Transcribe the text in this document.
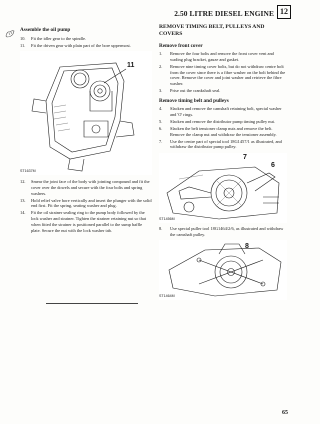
2.50 LITRE DIESEL ENGINE 12
Assemble the oil pump
10.	Fit the idler gear to the spindle.
11.	Fit the driven gear with plain part of the bore uppermost.
11
ST1637M
12.	Smear the joint face of the body with jointing compound and fit the cover over the dowels and secure with the four bolts and spring washers.
13.	Hold relief valve bore vertically and insert the plunger with the solid end first. Fit the spring, seating washer and plug.
14.	Fit the oil strainer sealing ring to the pump body followed by the lock washer and strainer. Tighten the strainer retaining nut so that when fitted the strainer is positioned parallel to the sump baffle plate. Secure the nut with the lock washer tab.
REMOVE TIMING BELT, PULLEYS AND COVERS
Remove front cover
1.	Remove the four bolts and remove the front cover vent and wading plug bracket, gauze and gasket.
2.	Remove nine timing cover bolts, but do not withdraw centre bolt from the cover since there is a fibre washer on the bolt behind the cover. Remove the cover and joint washer and retrieve the fibre washer.
3.	Prise out the crankshaft seal.
Remove timing belt and pulleys
4.	Slacken and remove the camshaft retaining bolt, special washer and 'O' rings.
5.	Slacken and remove the distributor pump timing pulley nut.
6.	Slacken the belt tensioner clamp nuts and remove the belt. Remove the clamp nut and withdraw the tensioner assembly.
7.	Use the centre part of special tool 18G1457/1 as illustrated, and withdraw the distributor pump pulley.
7
6
ST1456M
8.	Use special puller tool 18G1464/2/6, as illustrated and withdraw the camshaft pulley.
8
ST1464M
65
